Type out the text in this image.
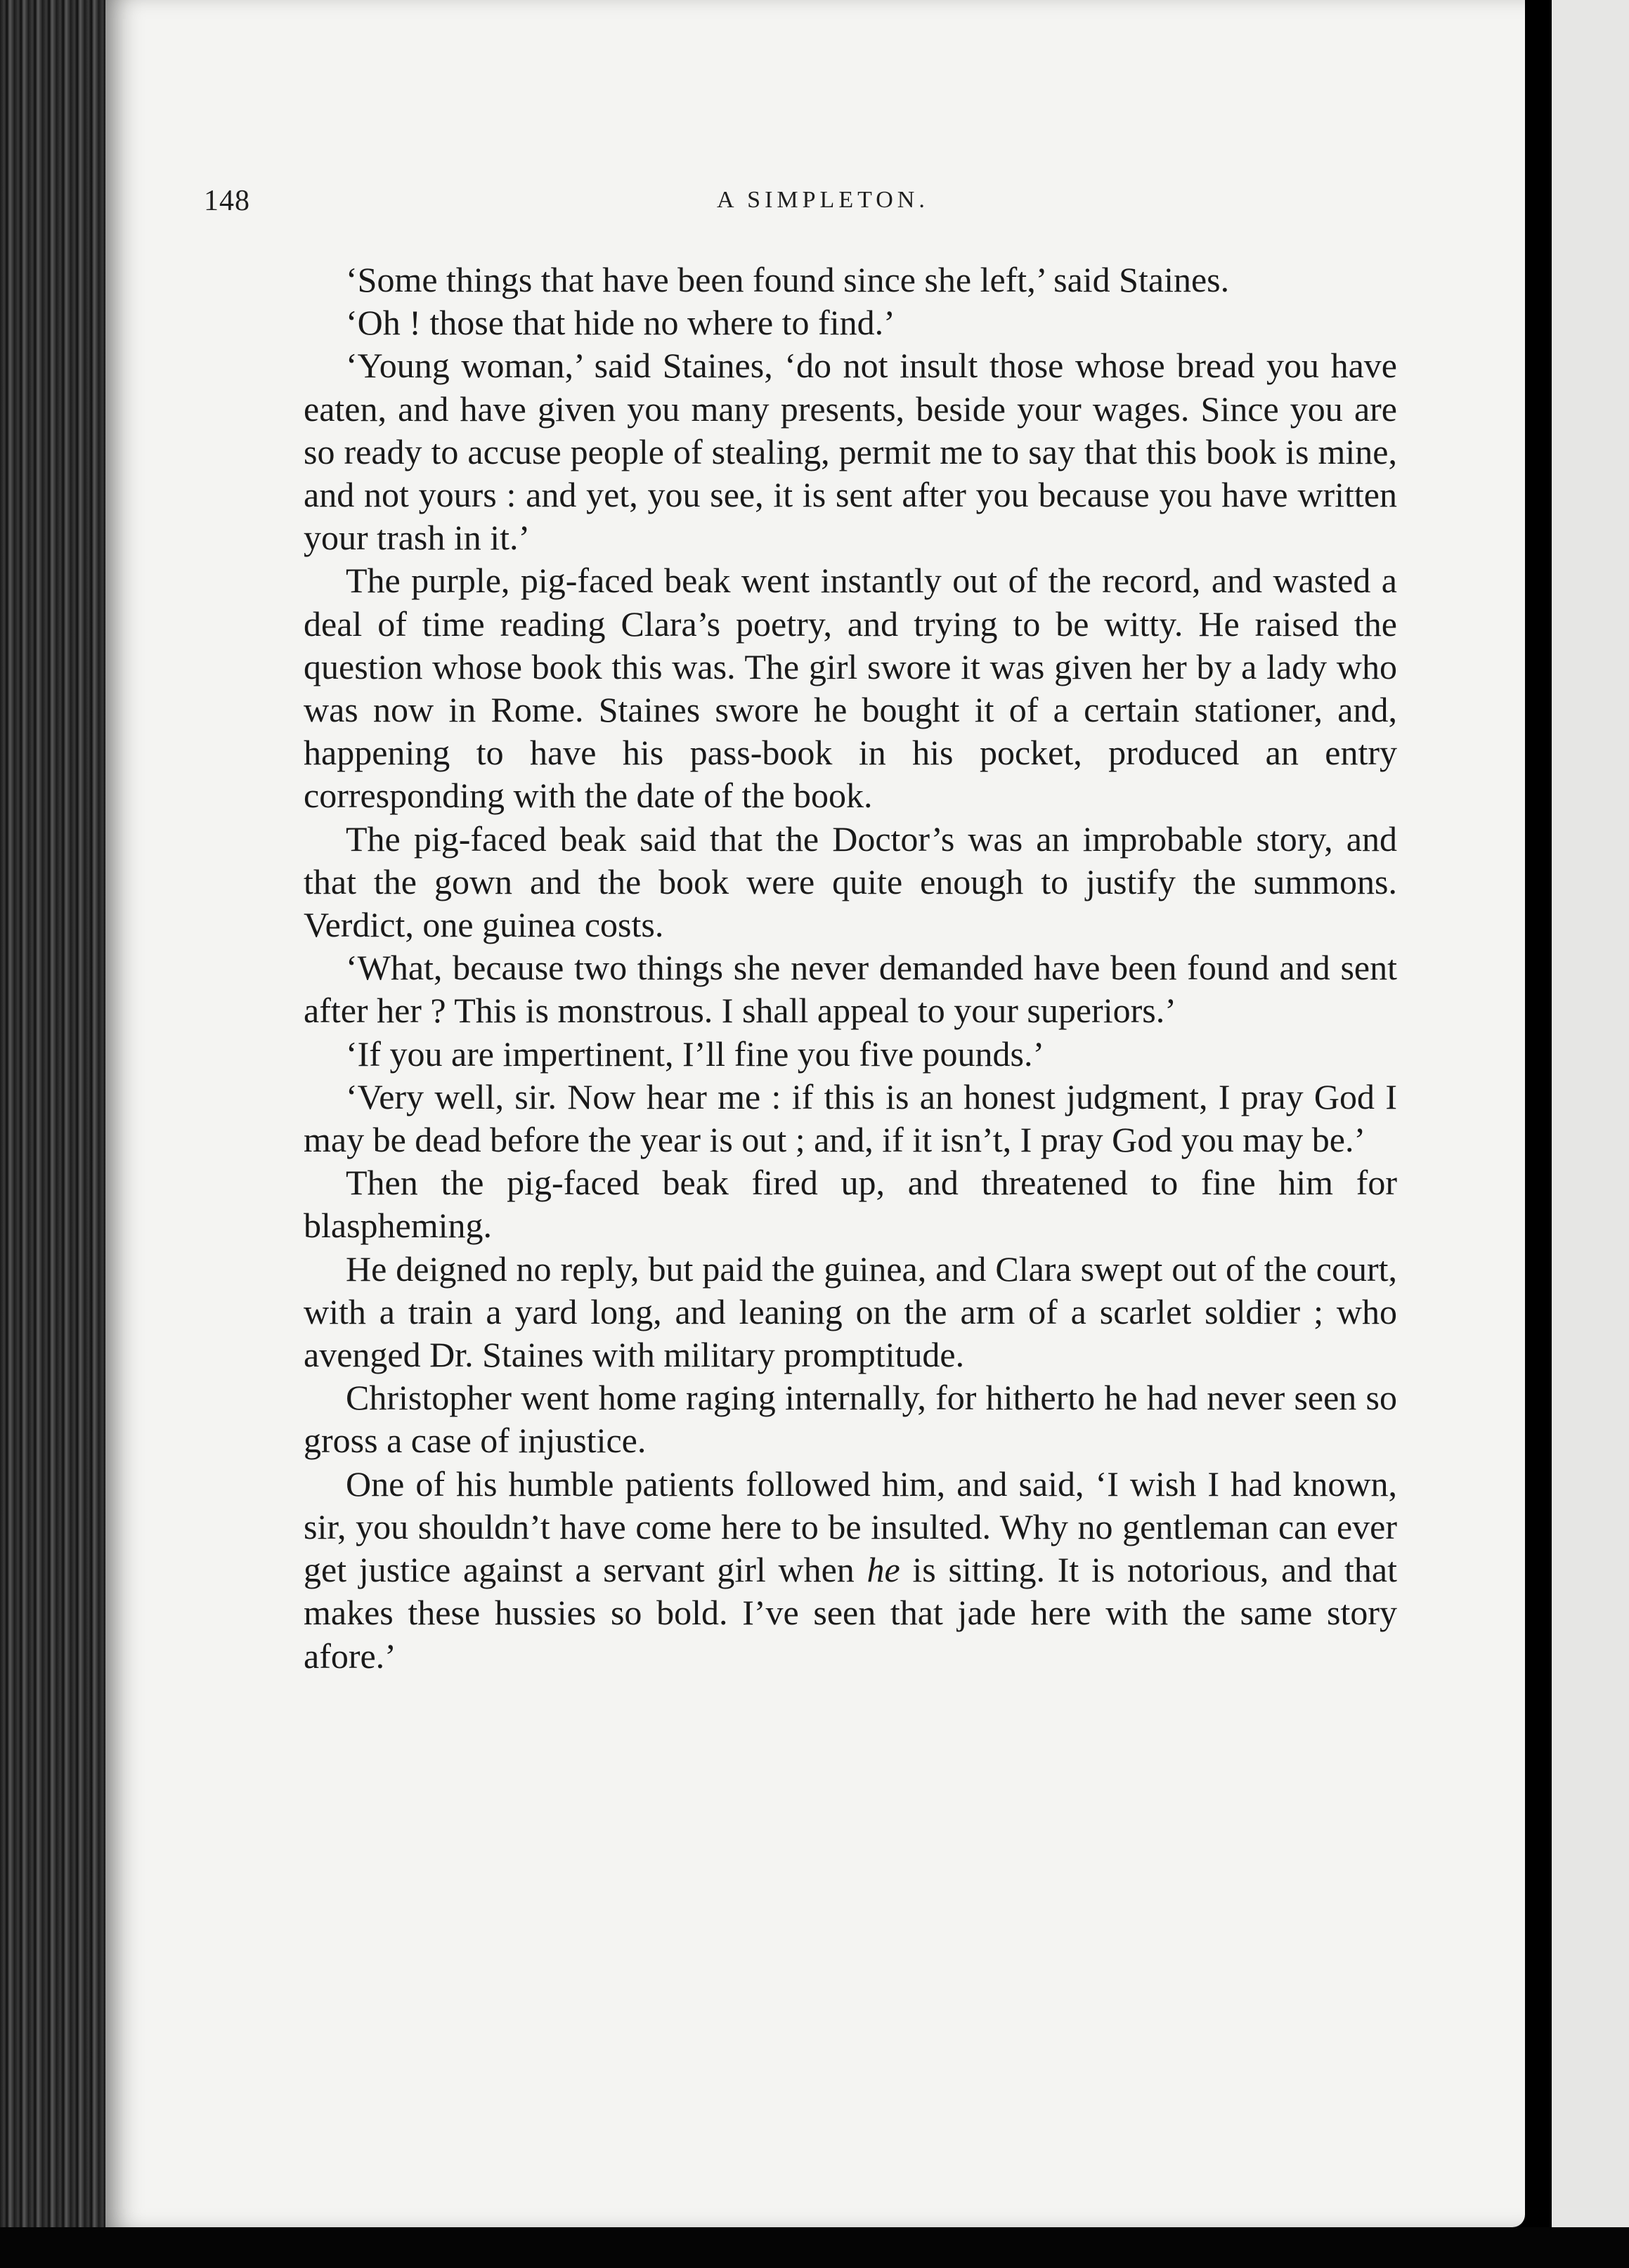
148	A SIMPLETON.

‘Some things that have been found since she left,’ said Staines.

‘Oh ! those that hide no where to find.’

‘Young woman,’ said Staines, ‘do not insult those whose bread you have eaten, and have given you many presents, beside your wages. Since you are so ready to accuse people of stealing, permit me to say that this book is mine, and not yours : and yet, you see, it is sent after you because you have written your trash in it.’

The purple, pig-faced beak went instantly out of the record, and wasted a deal of time reading Clara’s poetry, and trying to be witty. He raised the question whose book this was. The girl swore it was given her by a lady who was now in Rome. Staines swore he bought it of a certain stationer, and, happening to have his pass-book in his pocket, produced an entry corresponding with the date of the book.

The pig-faced beak said that the Doctor’s was an improbable story, and that the gown and the book were quite enough to justify the summons. Verdict, one guinea costs.

‘What, because two things she never demanded have been found and sent after her ? This is monstrous. I shall appeal to your superiors.’

‘If you are impertinent, I’ll fine you five pounds.’

‘Very well, sir. Now hear me : if this is an honest judgment, I pray God I may be dead before the year is out ; and, if it isn’t, I pray God you may be.’

Then the pig-faced beak fired up, and threatened to fine him for blaspheming.

He deigned no reply, but paid the guinea, and Clara swept out of the court, with a train a yard long, and leaning on the arm of a scarlet soldier ; who avenged Dr. Staines with military promptitude.

Christopher went home raging internally, for hitherto he had never seen so gross a case of injustice.

One of his humble patients followed him, and said, ‘I wish I had known, sir, you shouldn’t have come here to be insulted. Why no gentleman can ever get justice against a servant girl when he is sitting. It is notorious, and that makes these hussies so bold. I’ve seen that jade here with the same story afore.’
